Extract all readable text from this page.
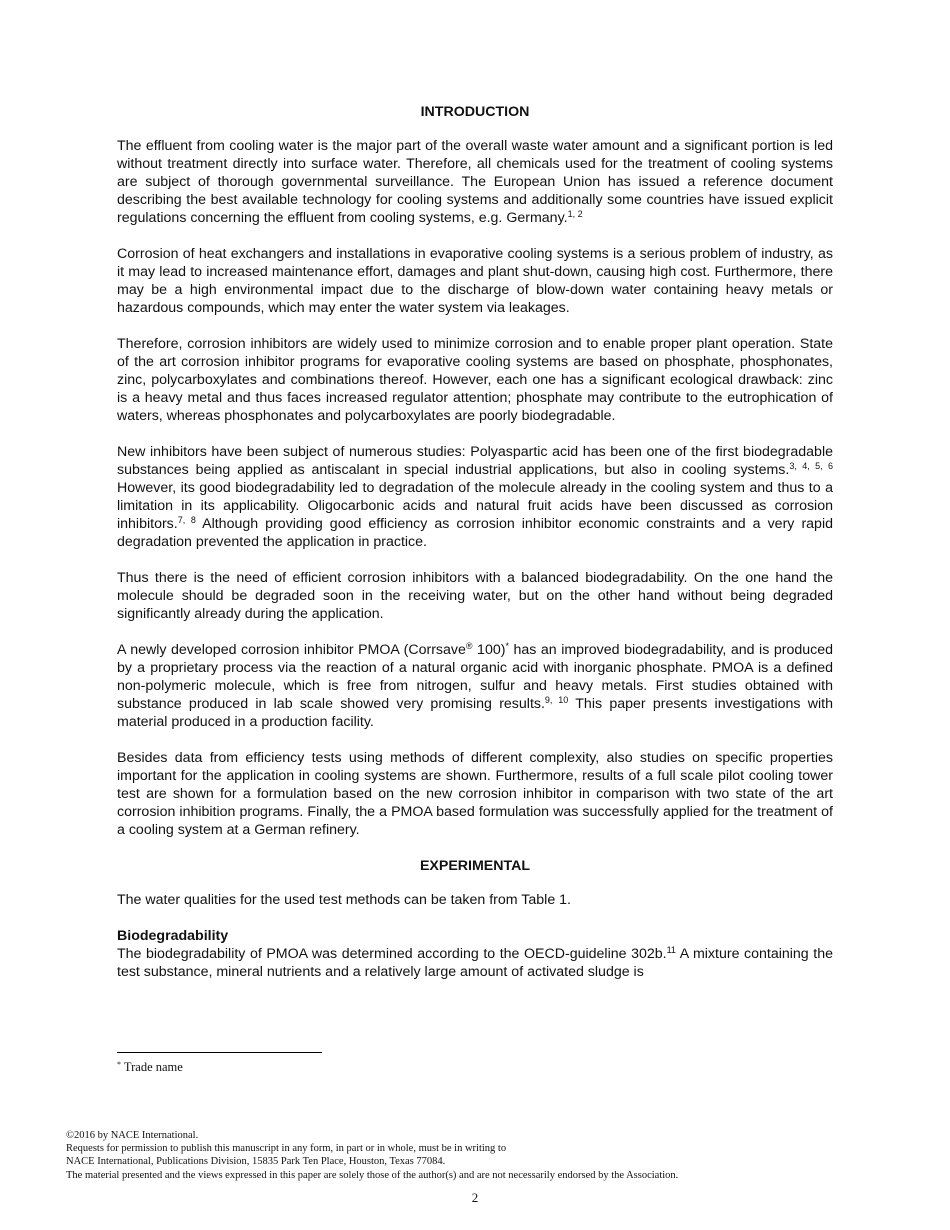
INTRODUCTION

The effluent from cooling water is the major part of the overall waste water amount and a significant portion is led without treatment directly into surface water. Therefore, all chemicals used for the treatment of cooling systems are subject of thorough governmental surveillance. The European Union has issued a reference document describing the best available technology for cooling systems and additionally some countries have issued explicit regulations concerning the effluent from cooling systems, e.g. Germany.$^{1, 2}$

Corrosion of heat exchangers and installations in evaporative cooling systems is a serious problem of industry, as it may lead to increased maintenance effort, damages and plant shut-down, causing high cost. Furthermore, there may be a high environmental impact due to the discharge of blow-down water containing heavy metals or hazardous compounds, which may enter the water system via leakages.

Therefore, corrosion inhibitors are widely used to minimize corrosion and to enable proper plant operation. State of the art corrosion inhibitor programs for evaporative cooling systems are based on phosphate, phosphonates, zinc, polycarboxylates and combinations thereof. However, each one has a significant ecological drawback: zinc is a heavy metal and thus faces increased regulator attention; phosphate may contribute to the eutrophication of waters, whereas phosphonates and polycarboxylates are poorly biodegradable.

New inhibitors have been subject of numerous studies: Polyaspartic acid has been one of the first biodegradable substances being applied as antiscalant in special industrial applications, but also in cooling systems.$^{3, 4, 5, 6}$ However, its good biodegradability led to degradation of the molecule already in the cooling system and thus to a limitation in its applicability. Oligocarbonic acids and natural fruit acids have been discussed as corrosion inhibitors.$^{7, 8}$ Although providing good efficiency as corrosion inhibitor economic constraints and a very rapid degradation prevented the application in practice.

Thus there is the need of efficient corrosion inhibitors with a balanced biodegradability. On the one hand the molecule should be degraded soon in the receiving water, but on the other hand without being degraded significantly already during the application.

A newly developed corrosion inhibitor PMOA (Corrsave® 100)* has an improved biodegradability, and is produced by a proprietary process via the reaction of a natural organic acid with inorganic phosphate. PMOA is a defined non-polymeric molecule, which is free from nitrogen, sulfur and heavy metals. First studies obtained with substance produced in lab scale showed very promising results.$^{9, 10}$ This paper presents investigations with material produced in a production facility.

Besides data from efficiency tests using methods of different complexity, also studies on specific properties important for the application in cooling systems are shown. Furthermore, results of a full scale pilot cooling tower test are shown for a formulation based on the new corrosion inhibitor in comparison with two state of the art corrosion inhibition programs. Finally, the a PMOA based formulation was successfully applied for the treatment of a cooling system at a German refinery.

EXPERIMENTAL

The water qualities for the used test methods can be taken from Table 1.

Biodegradability

The biodegradability of PMOA was determined according to the OECD-guideline 302b.$^{11}$ A mixture containing the test substance, mineral nutrients and a relatively large amount of activated sludge is

* Trade name
©2016 by NACE International.
Requests for permission to publish this manuscript in any form, in part or in whole, must be in writing to
NACE International, Publications Division, 15835 Park Ten Place, Houston, Texas 77084.
The material presented and the views expressed in this paper are solely those of the author(s) and are not necessarily endorsed by the Association.
2
